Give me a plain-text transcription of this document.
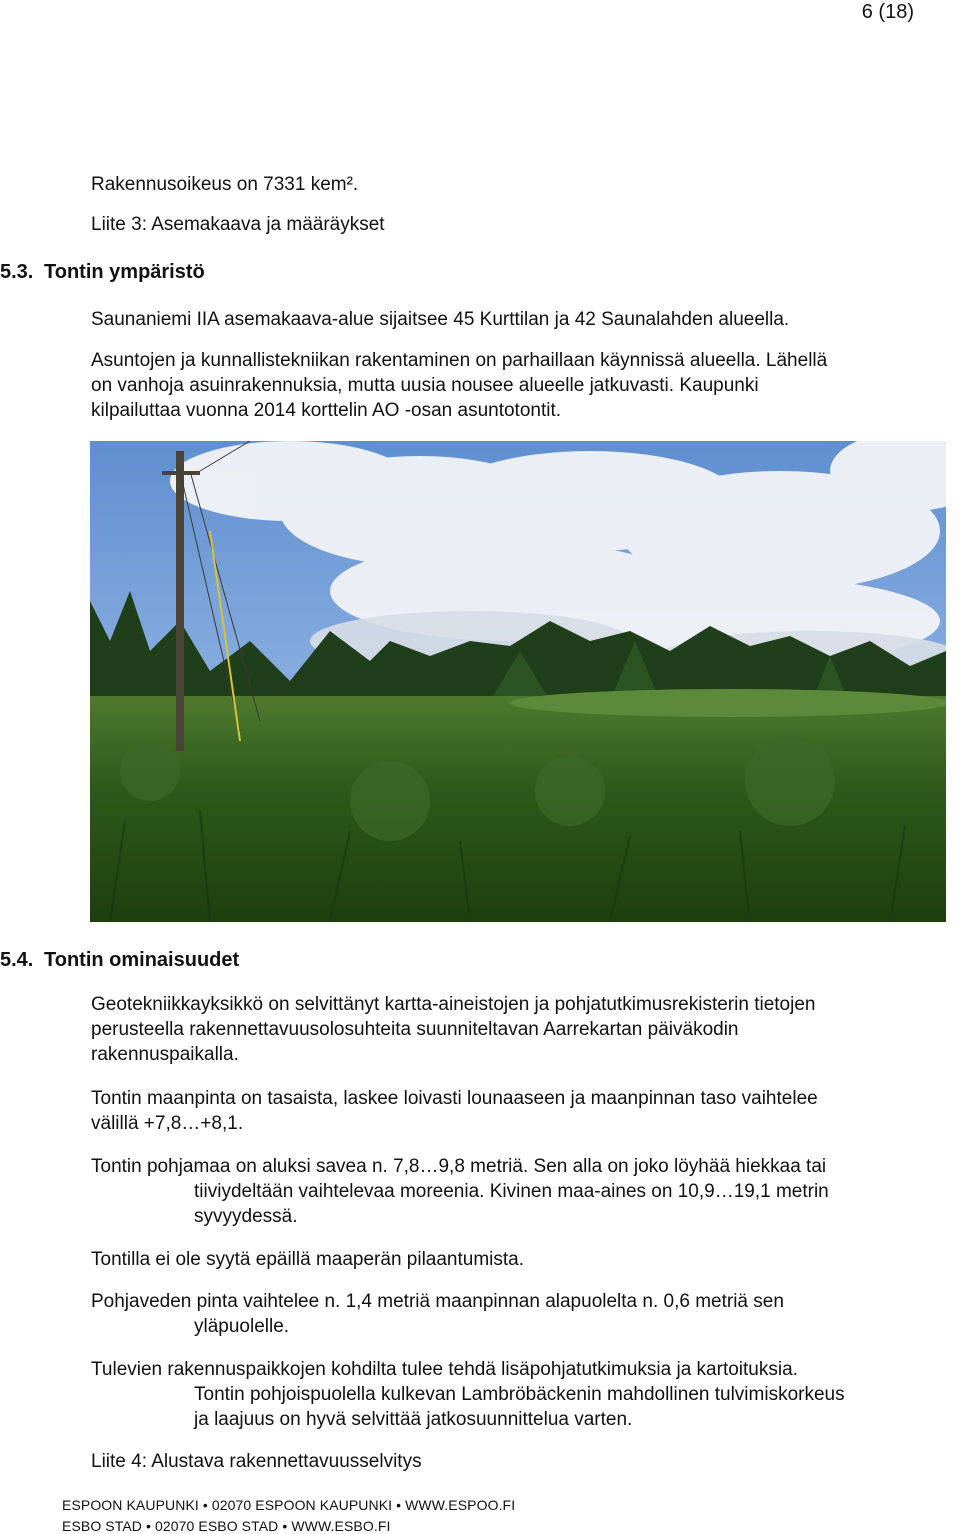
6 (18)
Rakennusoikeus on 7331 kem².
Liite 3: Asemakaava ja määräykset
5.3. Tontin ympäristö
Saunaniemi IIA asemakaava-alue sijaitsee 45 Kurttilan ja 42 Saunalahden alueella.
Asuntojen ja kunnallistekniikan rakentaminen on parhaillaan käynnissä alueella. Lähellä
on vanhoja asuinrakennuksia, mutta uusia nousee alueelle jatkuvasti. Kaupunki
kilpailuttaa vuonna 2014 korttelin AO -osan asuntotontit.
5.4. Tontin ominaisuudet
Geotekniikkayksikkö on selvittänyt kartta-aineistojen ja pohjatutkimusrekisterin tietojen
perusteella rakennettavuusolosuhteita suunniteltavan Aarrekartan päiväkodin
rakennuspaikalla.
Tontin maanpinta on tasaista, laskee loivasti lounaaseen ja maanpinnan taso vaihtelee
välillä +7,8…+8,1.
Tontin pohjamaa on aluksi savea n. 7,8…9,8 metriä. Sen alla on joko löyhää hiekkaa tai
tiiviydeltään vaihtelevaa moreenia. Kivinen maa-aines on 10,9…19,1 metrin
syvyydessä.
Tontilla ei ole syytä epäillä maaperän pilaantumista.
Pohjaveden pinta vaihtelee n. 1,4 metriä maanpinnan alapuolelta n. 0,6 metriä sen
yläpuolelle.
Tulevien rakennuspaikkojen kohdilta tulee tehdä lisäpohjatutkimuksia ja kartoituksia.
Tontin pohjoispuolella kulkevan Lambröbäckenin mahdollinen tulvimiskorkeus
ja laajuus on hyvä selvittää jatkosuunnittelua varten.
Liite 4: Alustava rakennettavuusselvitys
ESPOON KAUPUNKI • 02070 ESPOON KAUPUNKI • WWW.ESPOO.FI
ESBO STAD • 02070 ESBO STAD • WWW.ESBO.FI
